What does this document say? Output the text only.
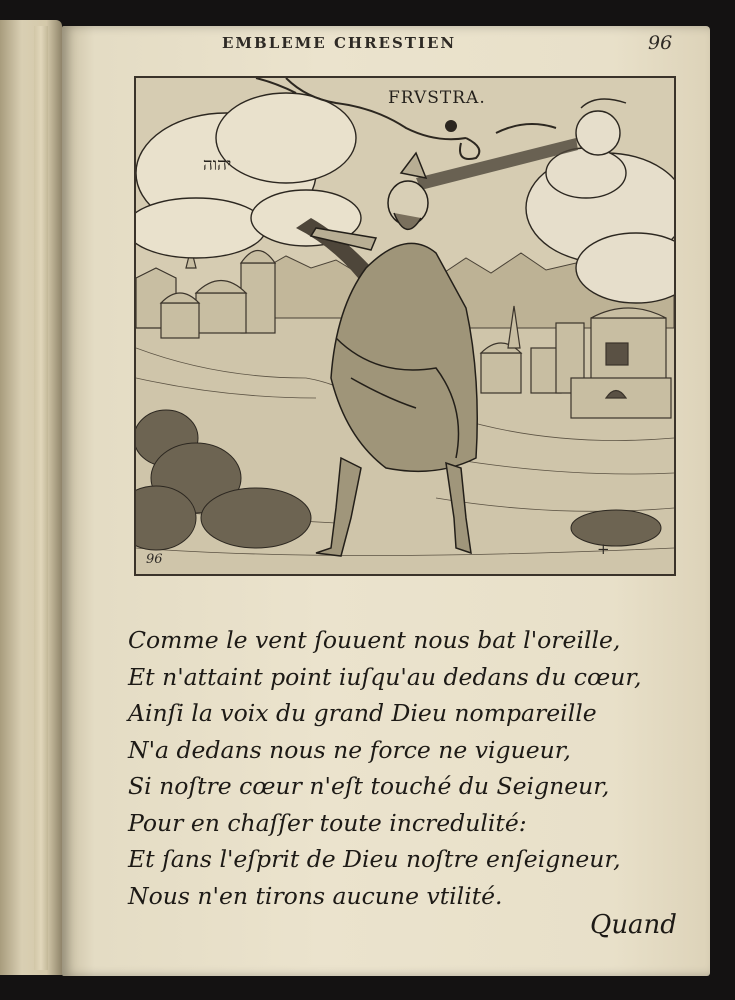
EMBLEME CHRESTIEN	96
FRVSTRA.
יהוה
96
+
Comme le vent ſouuent nous bat l'oreille,
Et n'attaint point iuſqu'au dedans du cœur,
Ainſi la voix du grand Dieu nompareille
N'a dedans nous ne force ne vigueur,
Si noſtre cœur n'eſt touché du Seigneur,
Pour en chaſſer toute incredulité:
Et ſans l'eſprit de Dieu noſtre enſeigneur,
Nous n'en tirons aucune vtilité.
Quand
